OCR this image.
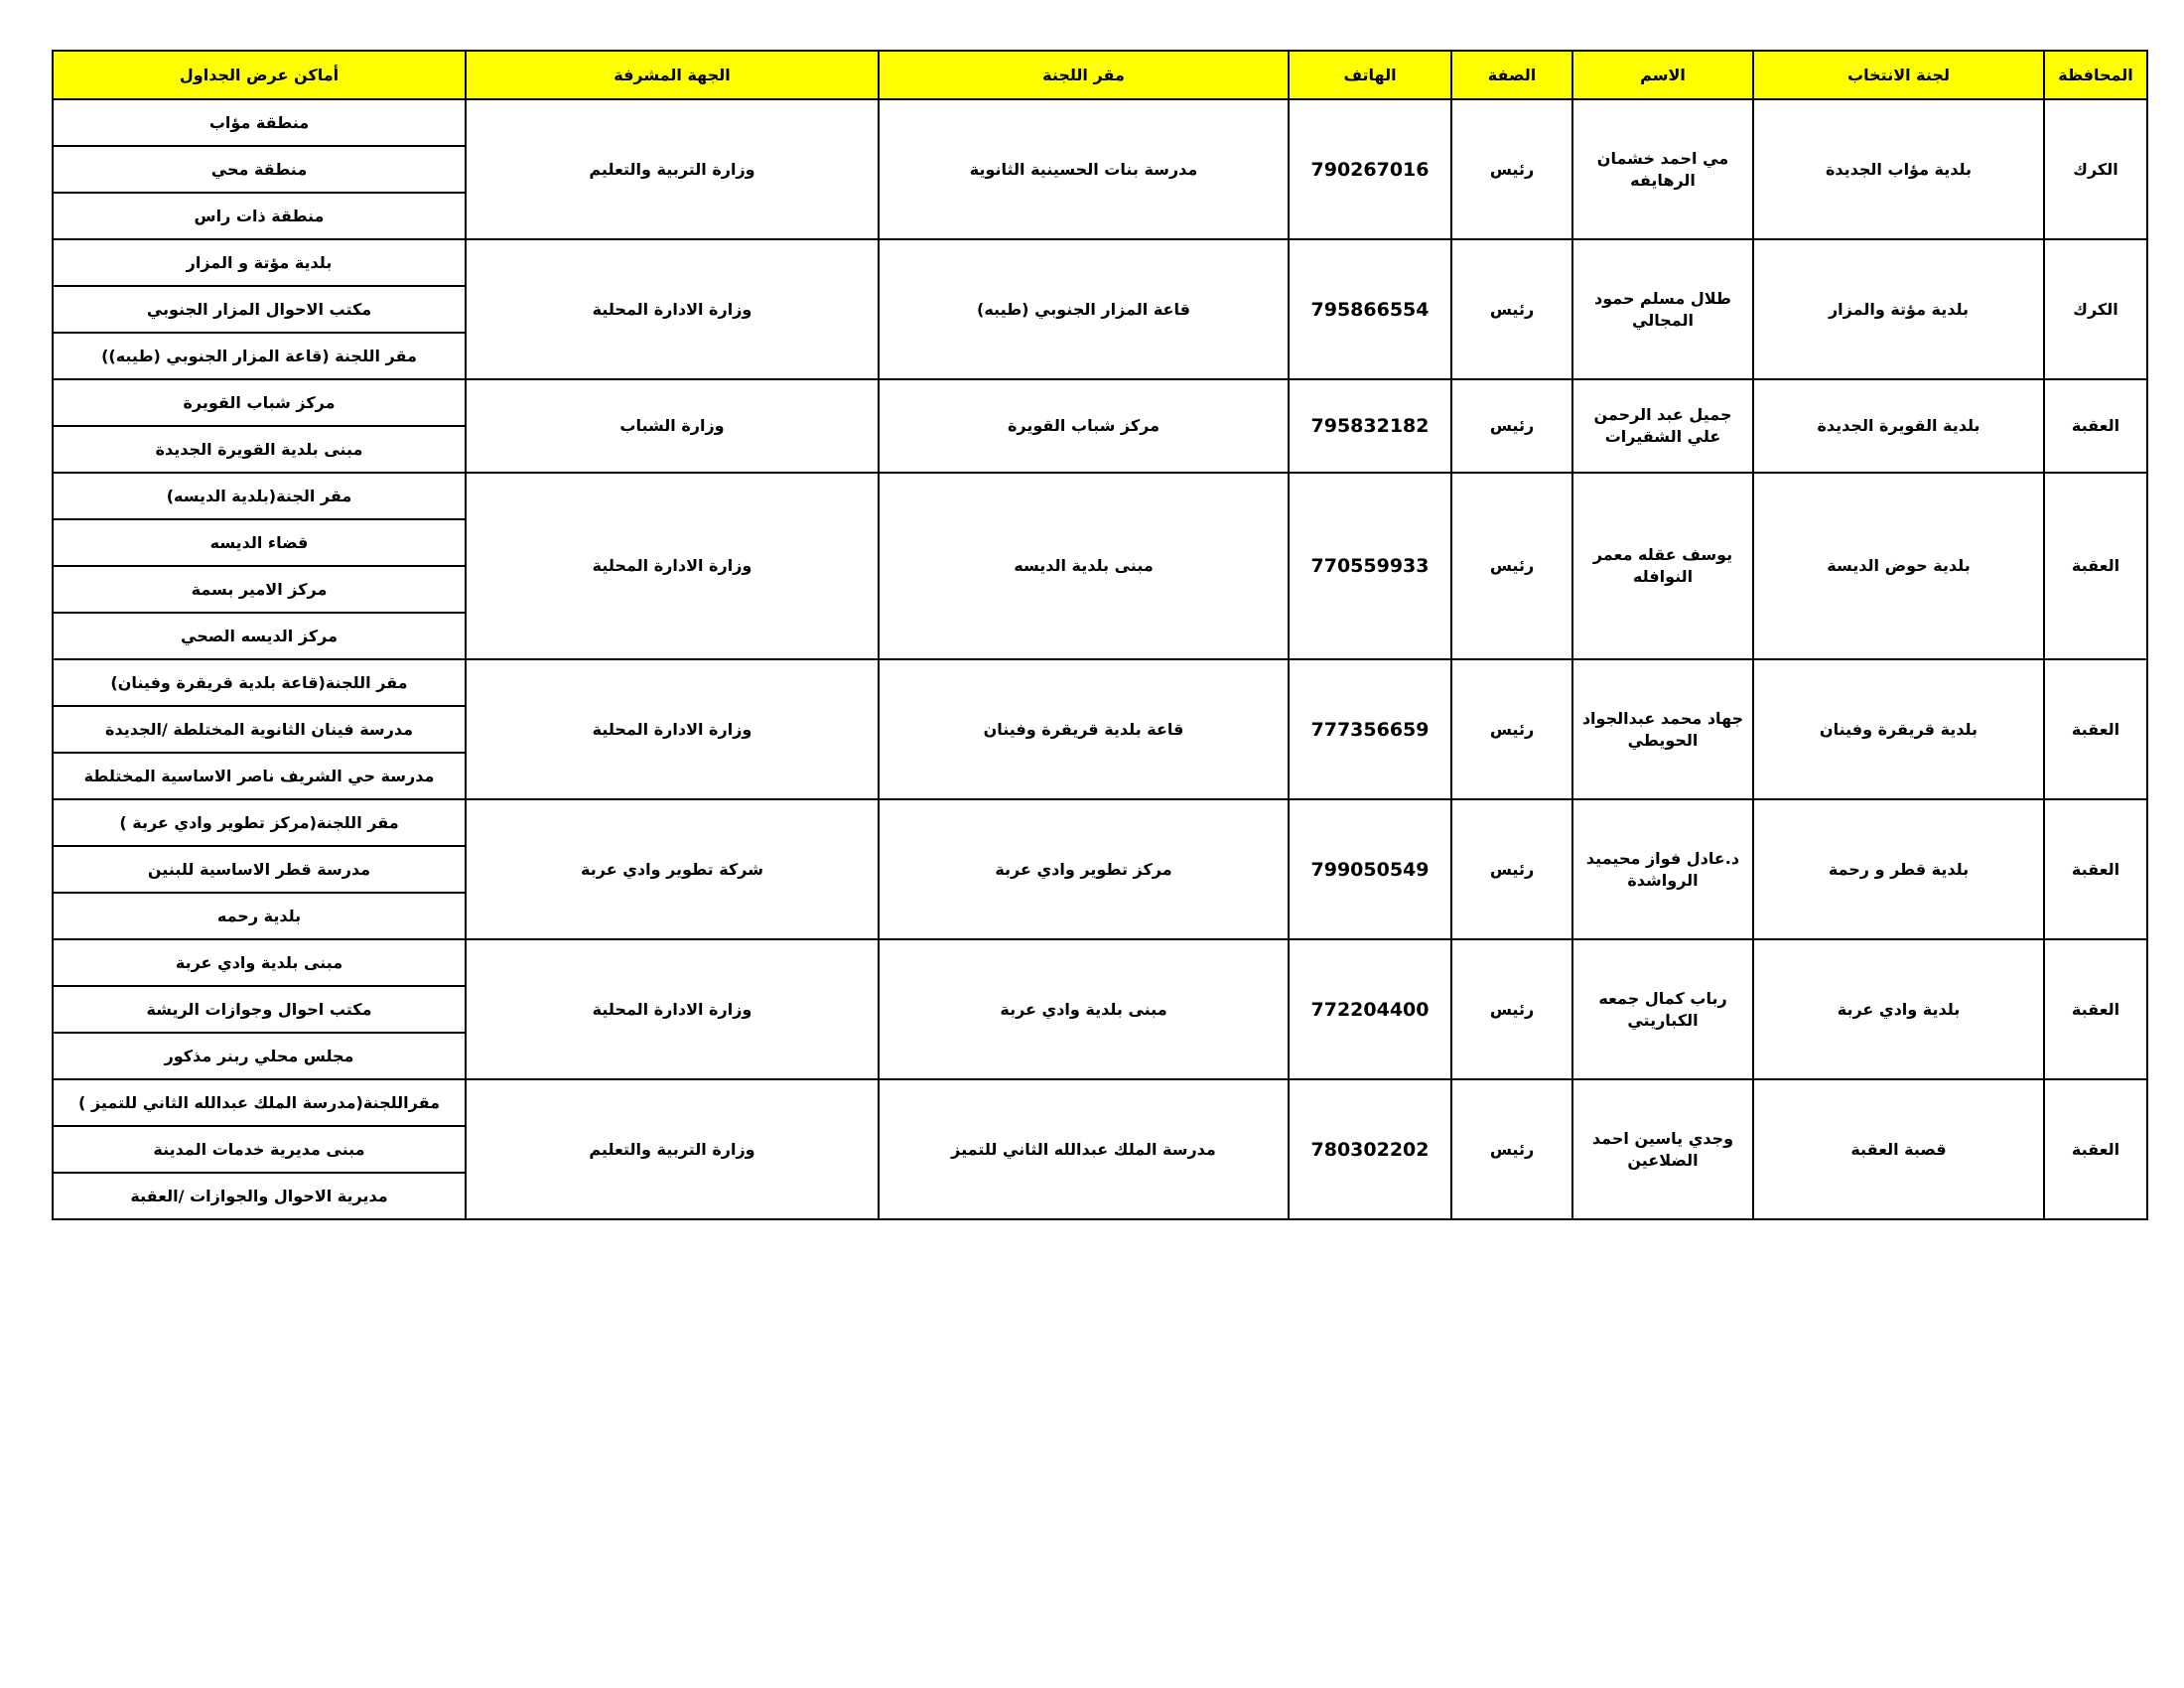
أماكن عرض الجداول	الجهة المشرفة	مقر اللجنة	الهاتف	الصفة	الاسم	لجنة الانتخاب	المحافظة
منطقة مؤاب	وزارة التربية والتعليم	مدرسة بنات الحسينية الثانوية	790267016	رئيس	مي احمد خشمان الرهايفه	بلدية مؤاب الجديدة	الكرك
منطقة محي							
منطقة ذات راس							
بلدية مؤتة و المزار	وزارة الادارة المحلية	قاعة المزار الجنوبي (طيبه)	795866554	رئيس	طلال مسلم حمود المجالي	بلدية مؤتة والمزار	الكرك
مكتب الاحوال المزار الجنوبي							
مقر اللجنة (قاعة المزار الجنوبي (طيبه))							
مركز شباب القويرة	وزارة الشباب	مركز شباب القويرة	795832182	رئيس	جميل عبد الرحمن علي الشقيرات	بلدية القويرة الجديدة	العقبة
مبنى بلدية القويرة الجديدة							
مقر الجنة(بلدية الديسه)	وزارة الادارة المحلية	مبنى بلدية الديسه	770559933	رئيس	يوسف عقله معمر النوافله	بلدية حوض الديسة	العقبة
قضاء الديسه							
مركز الامير بسمة							
مركز الديسه الصحي							
مقر اللجنة(قاعة بلدية قريقرة وفينان)	وزارة الادارة المحلية	قاعة بلدية قريقرة وفينان	777356659	رئيس	جهاد محمد عبدالجواد الحويطي	بلدية قريقرة وفينان	العقبة
مدرسة فينان الثانوية المختلطة /الجديدة							
مدرسة حي الشريف ناصر الاساسية المختلطة							
مقر اللجنة(مركز تطوير وادي عربة )	شركة تطوير وادي عربة	مركز تطوير وادي عربة	799050549	رئيس	د.عادل فواز محيميد الرواشدة	بلدية قطر و رحمة	العقبة
مدرسة قطر الاساسية للبنين							
بلدية رحمه							
مبنى بلدية وادي عربة	وزارة الادارة المحلية	مبنى بلدية وادي عربة	772204400	رئيس	رباب كمال جمعه الكباريتي	بلدية وادي عربة	العقبة
مكتب احوال وجوازات الريشة							
مجلس محلي ربنر مذكور							
مقراللجنة(مدرسة الملك عبدالله الثاني للتميز )	وزارة التربية والتعليم	مدرسة الملك عبدالله الثاني للتميز	780302202	رئيس	وجدي ياسين احمد الضلاعين	قصبة العقبة	العقبة
مبنى مديرية خدمات المدينة							
مديرية الاحوال والجوازات /العقبة							
